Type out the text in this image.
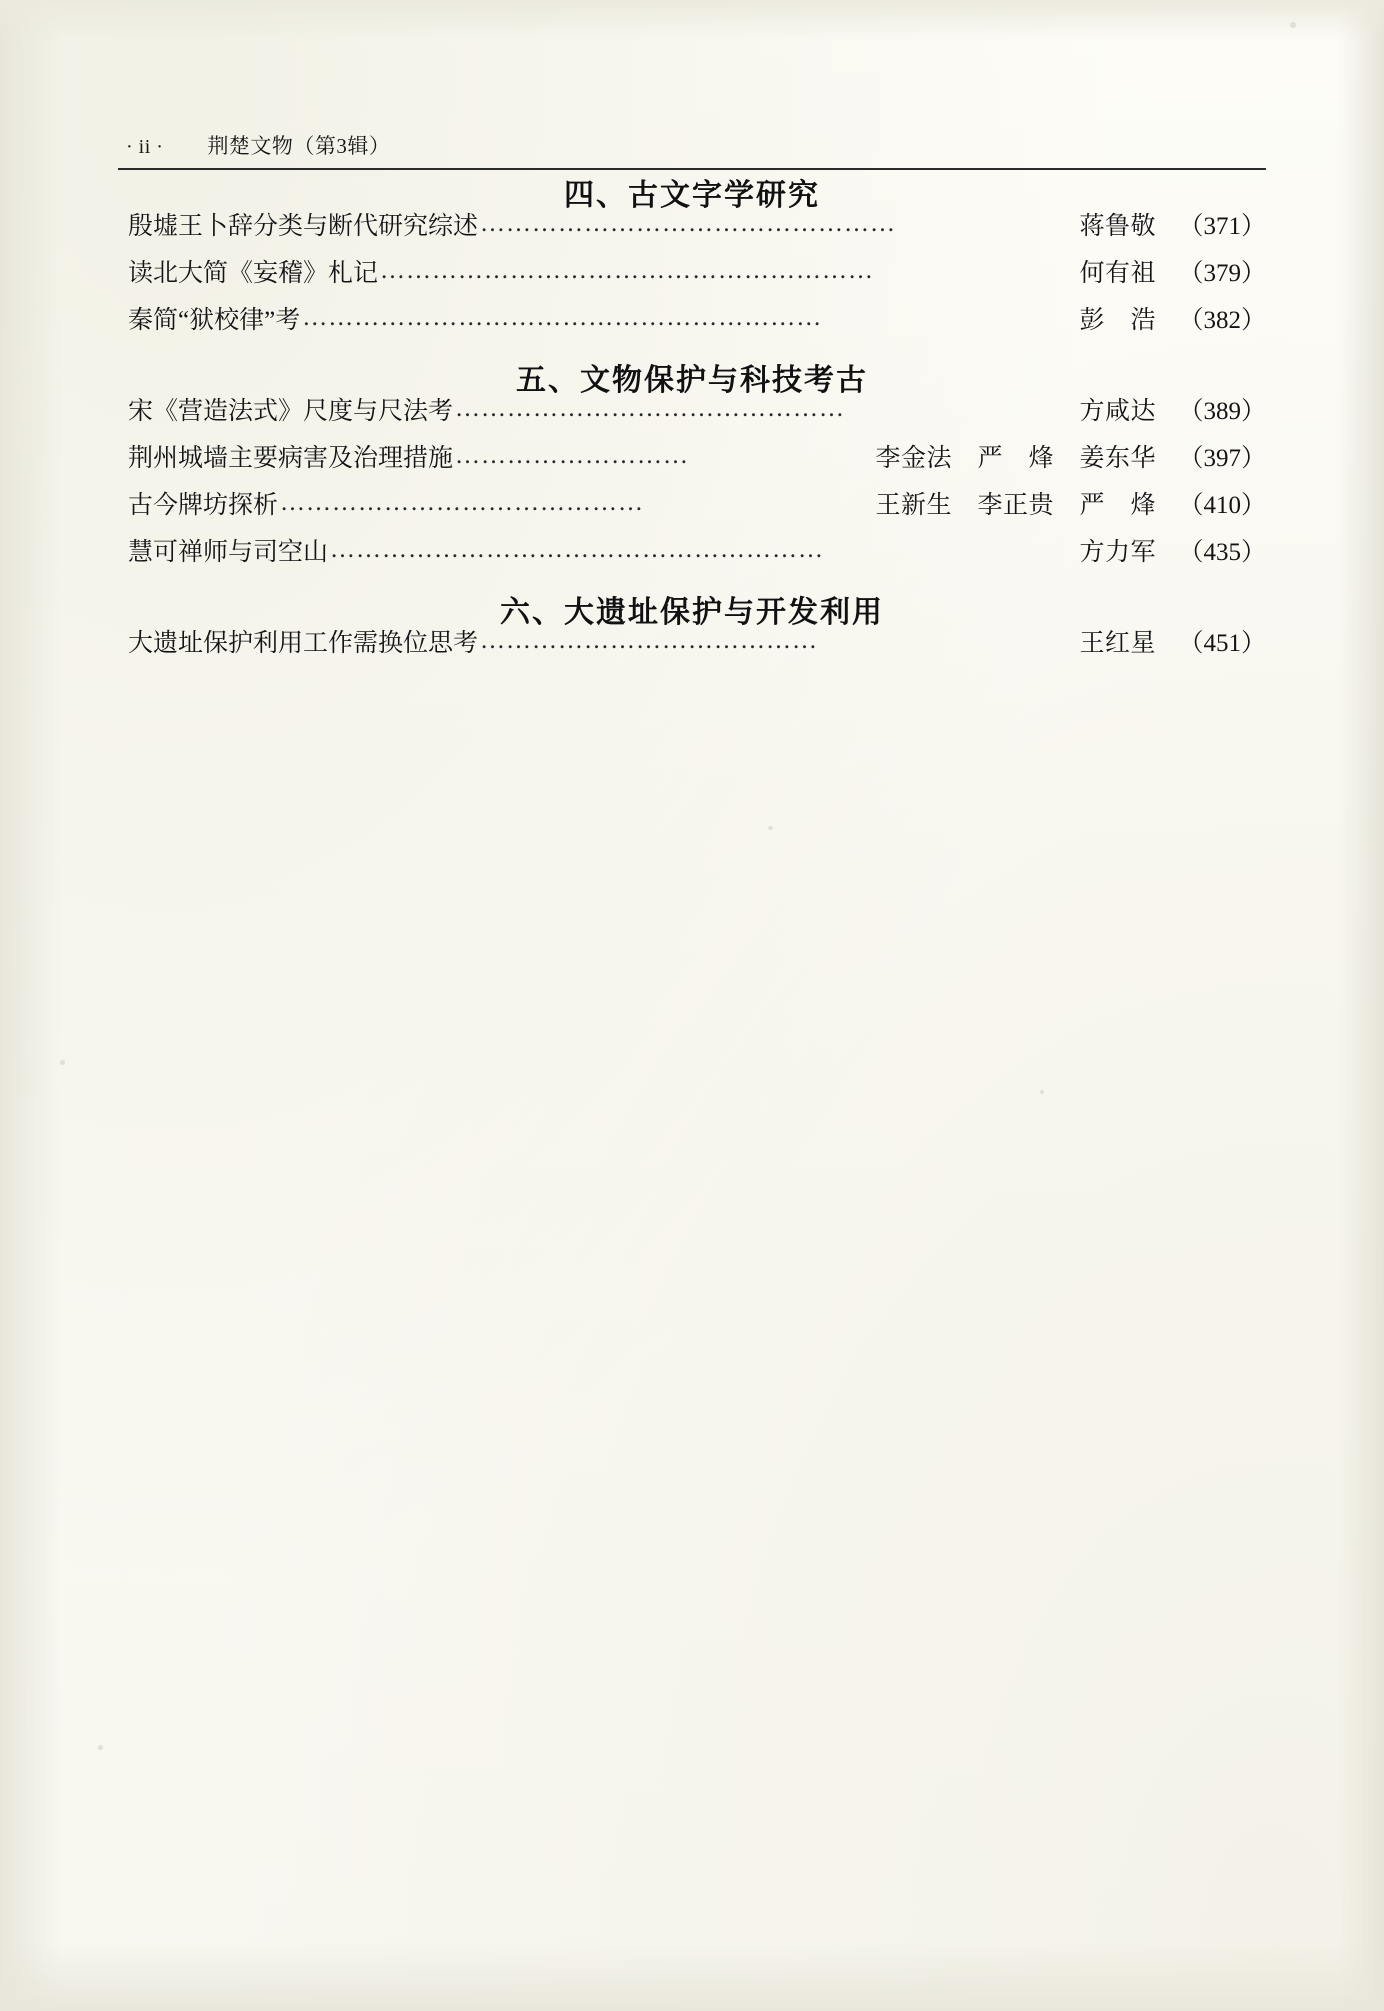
· ii · 荆楚文物（第3辑）
四、古文字学研究
殷墟王卜辞分类与断代研究综述 …………………………………………	蒋鲁敬 （371）
读北大简《妄稽》札记 …………………………………………………	何有祖 （379）
秦简“狱校律”考 ……………………………………………………	彭　浩 （382）
五、文物保护与科技考古
宋《营造法式》尺度与尺法考 ………………………………………	方咸达 （389）
荆州城墙主要病害及治理措施 ………………………	李金法　严　烽　姜东华 （397）
古今牌坊探析 ……………………………………	王新生　李正贵　严　烽 （410）
慧可禅师与司空山 …………………………………………………	方力军 （435）
六、大遗址保护与开发利用
大遗址保护利用工作需换位思考 …………………………………	王红星 （451）
